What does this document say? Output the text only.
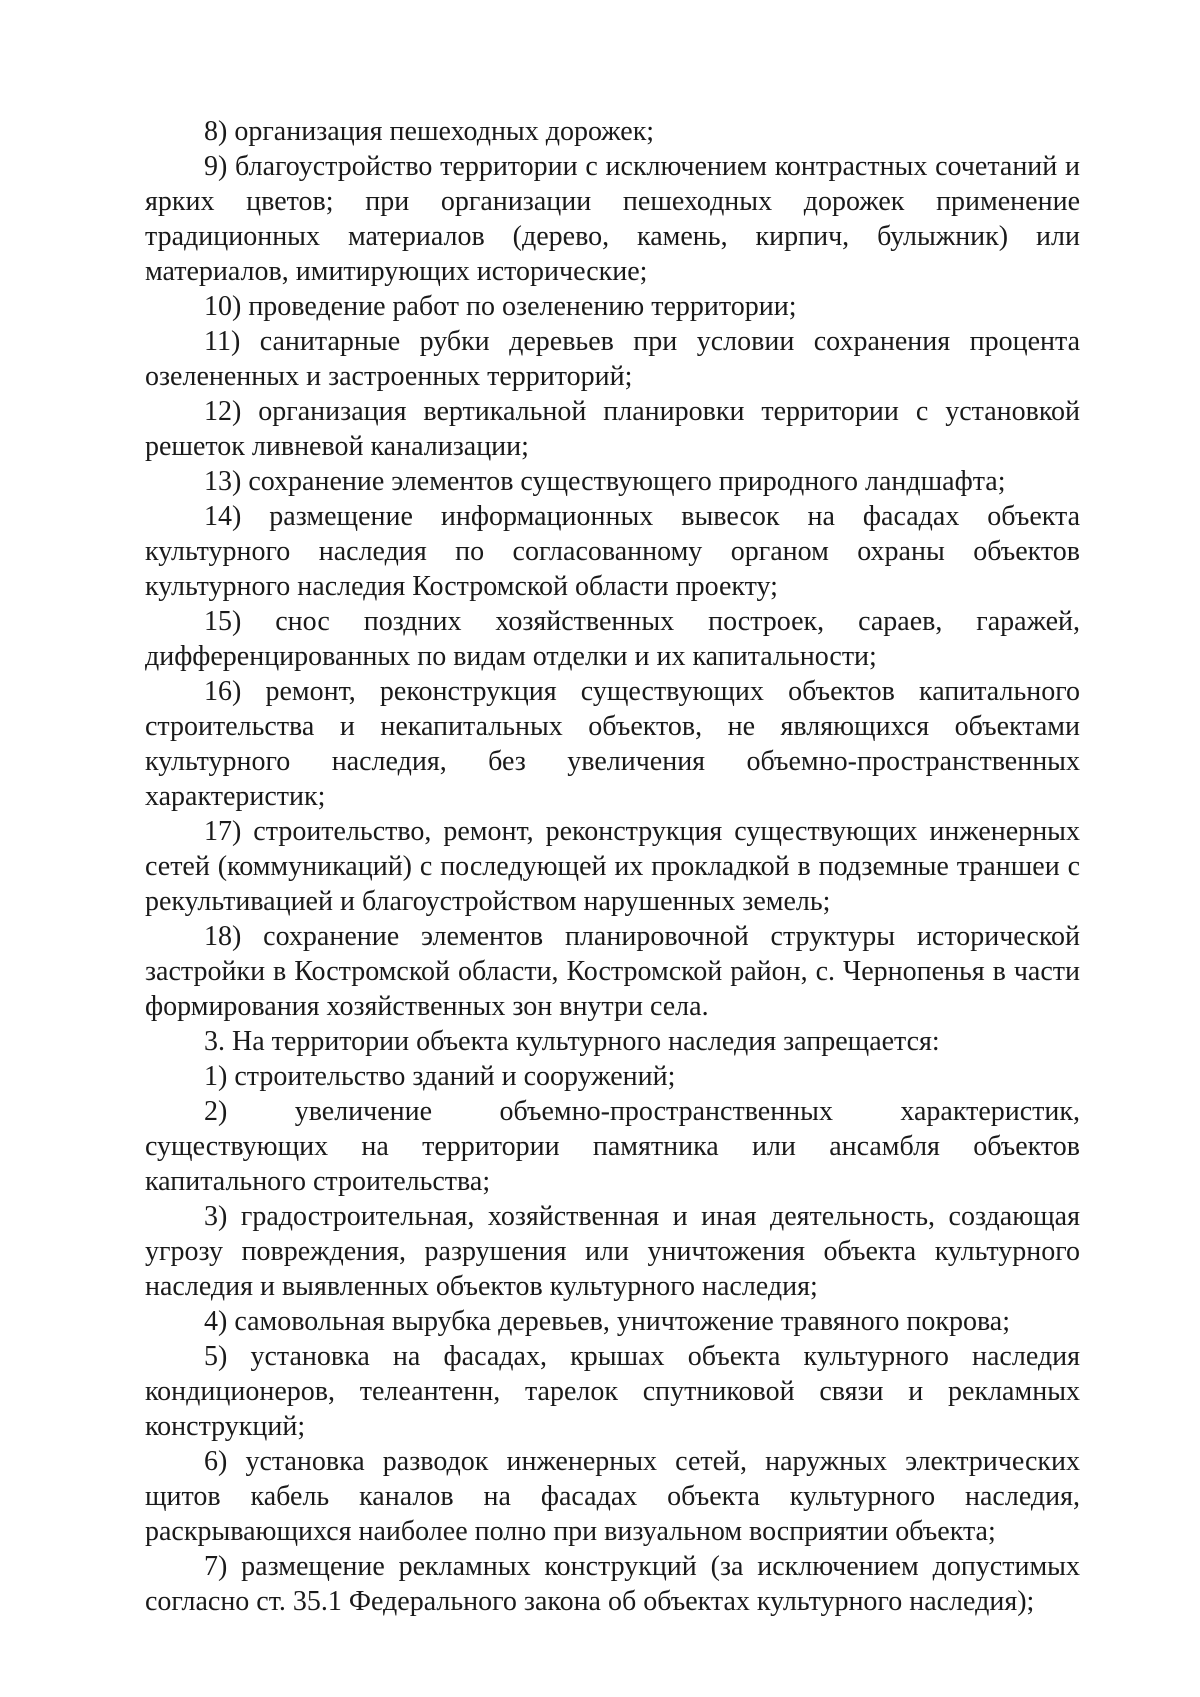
8) организация пешеходных дорожек;

9) благоустройство территории с исключением контрастных сочетаний и ярких цветов; при организации пешеходных дорожек применение традиционных материалов (дерево, камень, кирпич, булыжник) или материалов, имитирующих исторические;

10) проведение работ по озеленению территории;

11) санитарные рубки деревьев при условии сохранения процента озелененных и застроенных территорий;

12) организация вертикальной планировки территории с установкой решеток ливневой канализации;

13) сохранение элементов существующего природного ландшафта;

14) размещение информационных вывесок на фасадах объекта культурного наследия по согласованному органом охраны объектов культурного наследия Костромской области проекту;

15) снос поздних хозяйственных построек, сараев, гаражей, дифференцированных по видам отделки и их капитальности;

16) ремонт, реконструкция существующих объектов капитального строительства и некапитальных объектов, не являющихся объектами культурного наследия, без увеличения объемно-пространственных характеристик;

17) строительство, ремонт, реконструкция существующих инженерных сетей (коммуникаций) с последующей их прокладкой в подземные траншеи с рекультивацией и благоустройством нарушенных земель;

18) сохранение элементов планировочной структуры исторической застройки в Костромской области, Костромской район, с. Чернопенья в части формирования хозяйственных зон внутри села.

3. На территории объекта культурного наследия запрещается:

1) строительство зданий и сооружений;

2) увеличение объемно-пространственных характеристик, существующих на территории памятника или ансамбля объектов капитального строительства;

3) градостроительная, хозяйственная и иная деятельность, создающая угрозу повреждения, разрушения или уничтожения объекта культурного наследия и выявленных объектов культурного наследия;

4) самовольная вырубка деревьев, уничтожение травяного покрова;

5) установка на фасадах, крышах объекта культурного наследия кондиционеров, телеантенн, тарелок спутниковой связи и рекламных конструкций;

6) установка разводок инженерных сетей, наружных электрических щитов кабель каналов на фасадах объекта культурного наследия, раскрывающихся наиболее полно при визуальном восприятии объекта;

7) размещение рекламных конструкций (за исключением допустимых согласно ст. 35.1 Федерального закона об объектах культурного наследия);
